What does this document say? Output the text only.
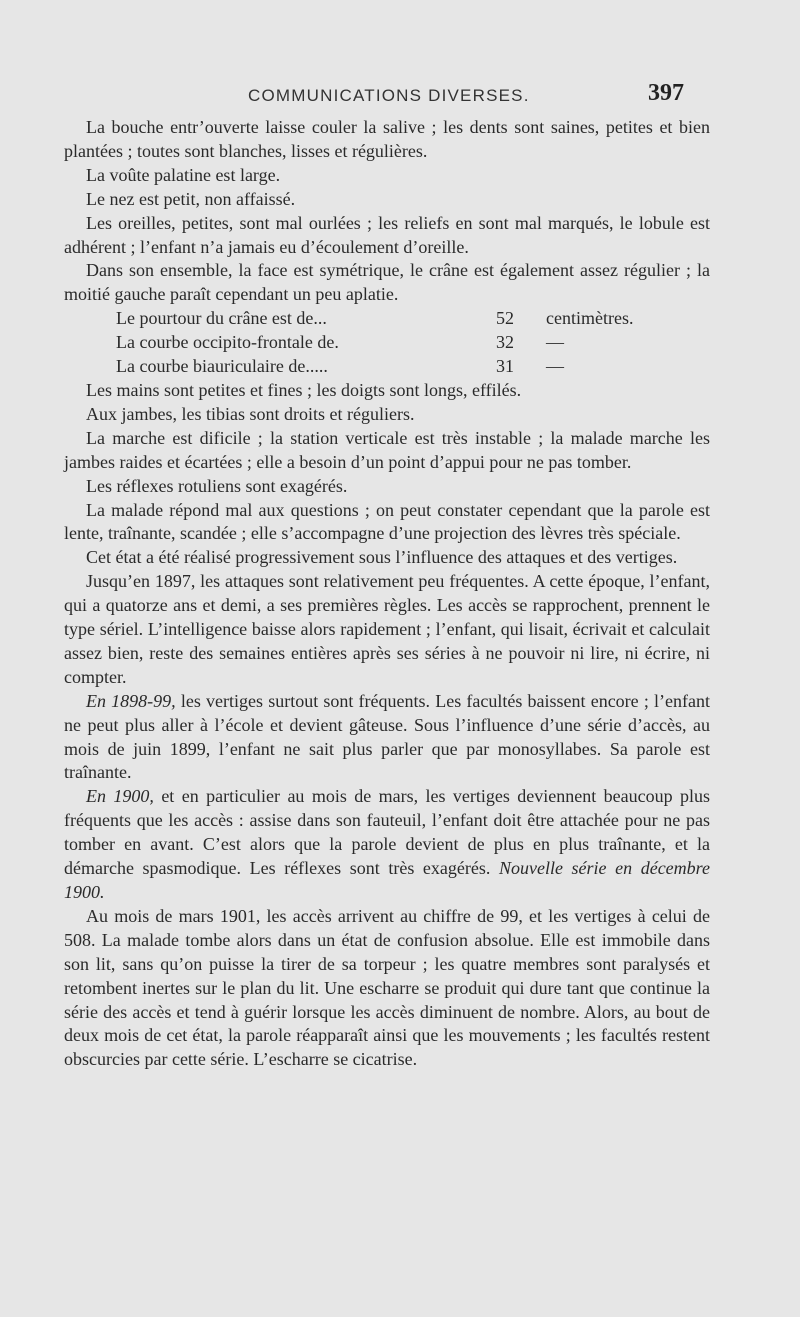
COMMUNICATIONS DIVERSES.	397

La bouche entr’ouverte laisse couler la salive ; les dents sont saines, petites et bien plantées ; toutes sont blanches, lisses et régulières.

La voûte palatine est large.

Le nez est petit, non affaissé.

Les oreilles, petites, sont mal ourlées ; les reliefs en sont mal marqués, le lobule est adhérent ; l’enfant n’a jamais eu d’écoulement d’oreille.

Dans son ensemble, la face est symétrique, le crâne est également assez régulier ; la moitié gauche paraît cependant un peu aplatie.

Le pourtour du crâne est de...	52	centimètres.
La courbe occipito-frontale de.	32	—
La courbe biauriculaire de.....	31	—

Les mains sont petites et fines ; les doigts sont longs, effilés.

Aux jambes, les tibias sont droits et réguliers.

La marche est dificile ; la station verticale est très instable ; la malade marche les jambes raides et écartées ; elle a besoin d’un point d’appui pour ne pas tomber.

Les réflexes rotuliens sont exagérés.

La malade répond mal aux questions ; on peut constater cependant que la parole est lente, traînante, scandée ; elle s’accompagne d’une projection des lèvres très spéciale.

Cet état a été réalisé progressivement sous l’influence des attaques et des vertiges.

Jusqu’en 1897, les attaques sont relativement peu fréquentes. A cette époque, l’enfant, qui a quatorze ans et demi, a ses premières règles. Les accès se rapprochent, prennent le type sériel. L’intelligence baisse alors rapidement ; l’enfant, qui lisait, écrivait et calculait assez bien, reste des semaines entières après ses séries à ne pouvoir ni lire, ni écrire, ni compter.

En 1898-99, les vertiges surtout sont fréquents. Les facultés baissent encore ; l’enfant ne peut plus aller à l’école et devient gâteuse. Sous l’influence d’une série d’accès, au mois de juin 1899, l’enfant ne sait plus parler que par monosyllabes. Sa parole est traînante.

En 1900, et en particulier au mois de mars, les vertiges deviennent beaucoup plus fréquents que les accès : assise dans son fauteuil, l’enfant doit être attachée pour ne pas tomber en avant. C’est alors que la parole devient de plus en plus traînante, et la démarche spasmodique. Les réflexes sont très exagérés. Nouvelle série en décembre 1900.

Au mois de mars 1901, les accès arrivent au chiffre de 99, et les vertiges à celui de 508. La malade tombe alors dans un état de confusion absolue. Elle est immobile dans son lit, sans qu’on puisse la tirer de sa torpeur ; les quatre membres sont paralysés et retombent inertes sur le plan du lit. Une escharre se produit qui dure tant que continue la série des accès et tend à guérir lorsque les accès diminuent de nombre. Alors, au bout de deux mois de cet état, la parole réapparaît ainsi que les mouvements ; les facultés restent obscurcies par cette série. L’escharre se cicatrise.
